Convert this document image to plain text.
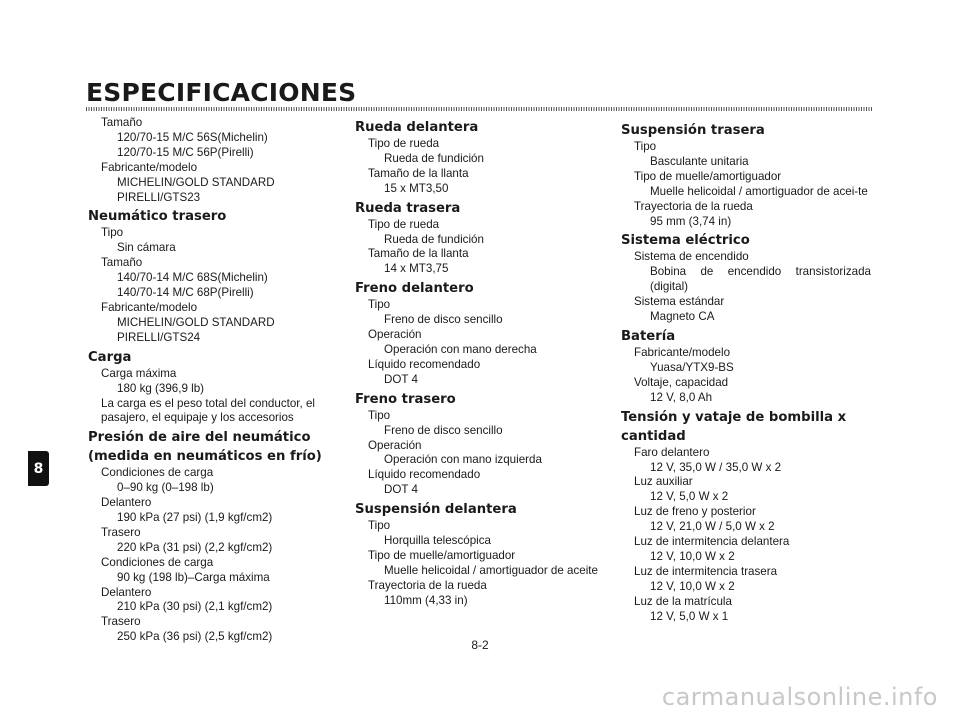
ESPECIFICACIONES
Tamaño
120/70-15 M/C 56S(Michelin)
120/70-15 M/C 56P(Pirelli)
Fabricante/modelo
MICHELIN/GOLD STANDARD
PIRELLI/GTS23
Neumático trasero
Tipo
Sin cámara
Tamaño
140/70-14 M/C 68S(Michelin)
140/70-14 M/C 68P(Pirelli)
Fabricante/modelo
MICHELIN/GOLD STANDARD
PIRELLI/GTS24
Carga
Carga máxima
180 kg (396,9 lb)
La carga es el peso total del conductor, el pasajero, el equipaje y los accesorios
Presión de aire del neumático (medida en neumáticos en frío)
Condiciones de carga
0–90 kg (0–198 lb)
Delantero
190 kPa (27 psi) (1,9 kgf/cm2)
Trasero
220 kPa (31 psi) (2,2 kgf/cm2)
Condiciones de carga
90 kg (198 lb)–Carga máxima
Delantero
210 kPa (30 psi) (2,1 kgf/cm2)
Trasero
250 kPa (36 psi) (2,5 kgf/cm2)
Rueda delantera
Tipo de rueda
Rueda de fundición
Tamaño de la llanta
15 x MT3,50
Rueda trasera
Tipo de rueda
Rueda de fundición
Tamaño de la llanta
14 x MT3,75
Freno delantero
Tipo
Freno de disco sencillo
Operación
Operación con mano derecha
Líquido recomendado
DOT 4
Freno trasero
Tipo
Freno de disco sencillo
Operación
Operación con mano izquierda
Líquido recomendado
DOT 4
Suspensión delantera
Tipo
Horquilla telescópica
Tipo de muelle/amortiguador
Muelle helicoidal / amortiguador de aceite
Trayectoria de la rueda
110mm (4,33 in)
Suspensión trasera
Tipo
Basculante unitaria
Tipo de muelle/amortiguador
Muelle helicoidal / amortiguador de acei-te
Trayectoria de la rueda
95 mm (3,74 in)
Sistema eléctrico
Sistema de encendido
Bobina de encendido transistorizada (digital)
Sistema estándar
Magneto CA
Batería
Fabricante/modelo
Yuasa/YTX9-BS
Voltaje, capacidad
12 V, 8,0 Ah
Tensión y vataje de bombilla x cantidad
Faro delantero
12 V, 35,0 W / 35,0 W x 2
Luz auxiliar
12 V, 5,0 W x 2
Luz de freno y posterior
12 V, 21,0 W / 5,0 W x 2
Luz de intermitencia delantera
12 V, 10,0 W x 2
Luz de intermitencia trasera
12 V, 10,0 W x 2
Luz de la matrícula
12 V, 5,0 W x 1
8
8-2
carmanualsonline.info
